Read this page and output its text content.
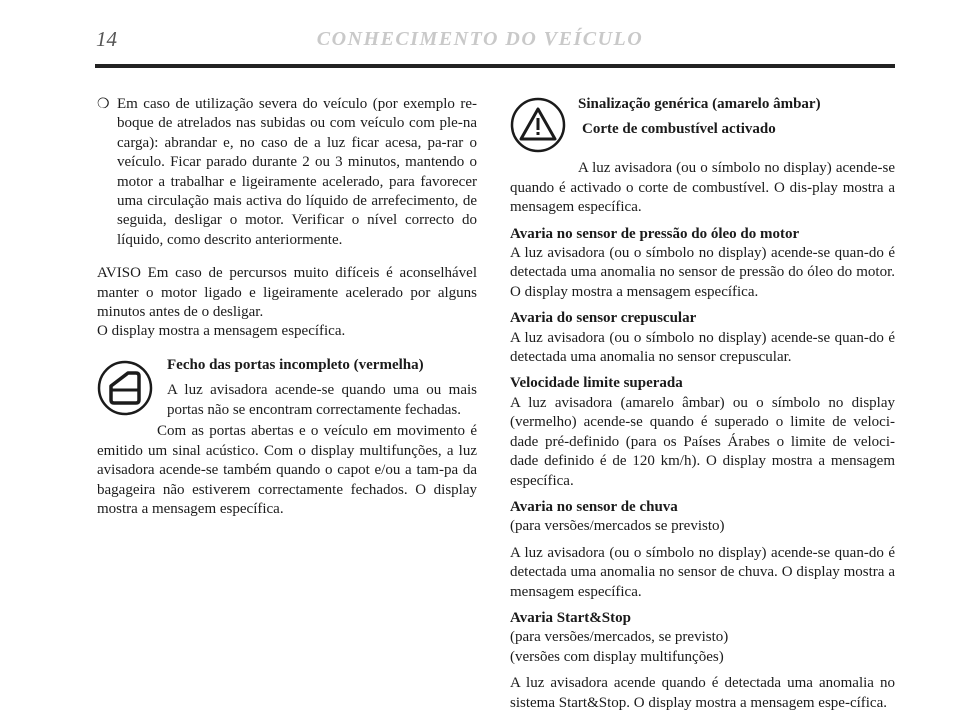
14	CONHECIMENTO DO VEÍCULO
❍ Em caso de utilização severa do veículo (por exemplo re-boque de atrelados nas subidas ou com veículo com ple-na carga): abrandar e, no caso de a luz ficar acesa, pa-rar o veículo. Ficar parado durante 2 ou 3 minutos, mantendo o motor a trabalhar e ligeiramente acelerado, para favorecer uma circulação mais activa do líquido de arrefecimento, de seguida, desligar o motor. Verificar o nível correcto do líquido, como descrito anteriormente.

AVISO Em caso de percursos muito difíceis é aconselhável manter o motor ligado e ligeiramente acelerado por alguns minutos antes de o desligar.

O display mostra a mensagem específica.

Fecho das portas incompleto (vermelha)

A luz avisadora acende-se quando uma ou mais portas não se encontram correctamente fechadas.

Com as portas abertas e o veículo em movimento é emitido um sinal acústico. Com o display multifunções, a luz avisadora acende-se também quando o capot e/ou a tam-pa da bagageira não estiverem correctamente fechados. O display mostra a mensagem específica.

Sinalização genérica (amarelo âmbar)
Corte de combustível activado

A luz avisadora (ou o símbolo no display) acende-se quando é activado o corte de combustível. O dis-play mostra a mensagem específica.

Avaria no sensor de pressão do óleo do motor

A luz avisadora (ou o símbolo no display) acende-se quan-do é detectada uma anomalia no sensor de pressão do óleo do motor. O display mostra a mensagem específica.

Avaria do sensor crepuscular

A luz avisadora (ou o símbolo no display) acende-se quan-do é detectada uma anomalia no sensor crepuscular.

Velocidade limite superada

A luz avisadora (amarelo âmbar) ou o símbolo no display (vermelho) acende-se quando é superado o limite de veloci-dade pré-definido (para os Países Árabes o limite de veloci-dade definido é de 120 km/h). O display mostra a mensagem específica.

Avaria no sensor de chuva

(para versões/mercados se previsto)

A luz avisadora (ou o símbolo no display) acende-se quan-do é detectada uma anomalia no sensor de chuva. O display mostra a mensagem específica.

Avaria Start&Stop

(para versões/mercados, se previsto)

(versões com display multifunções)

A luz avisadora acende quando é detectada uma anomalia no sistema Start&Stop. O display mostra a mensagem espe-cífica.
